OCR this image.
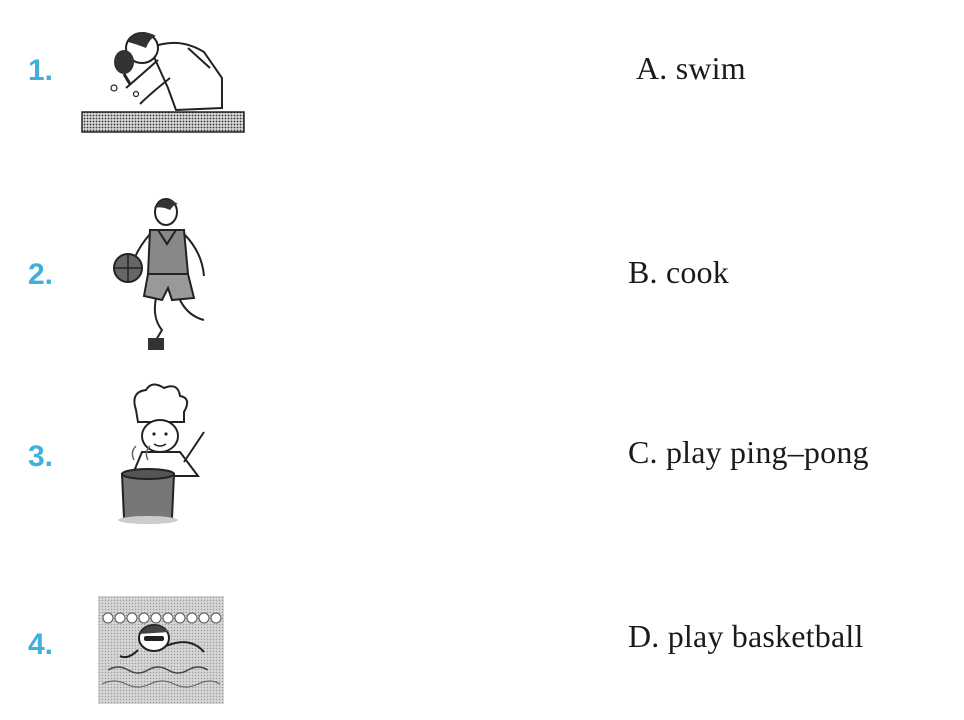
1.
2.
3.
4.
A. swim
B. cook
C. play ping–pong
D. play basketball
